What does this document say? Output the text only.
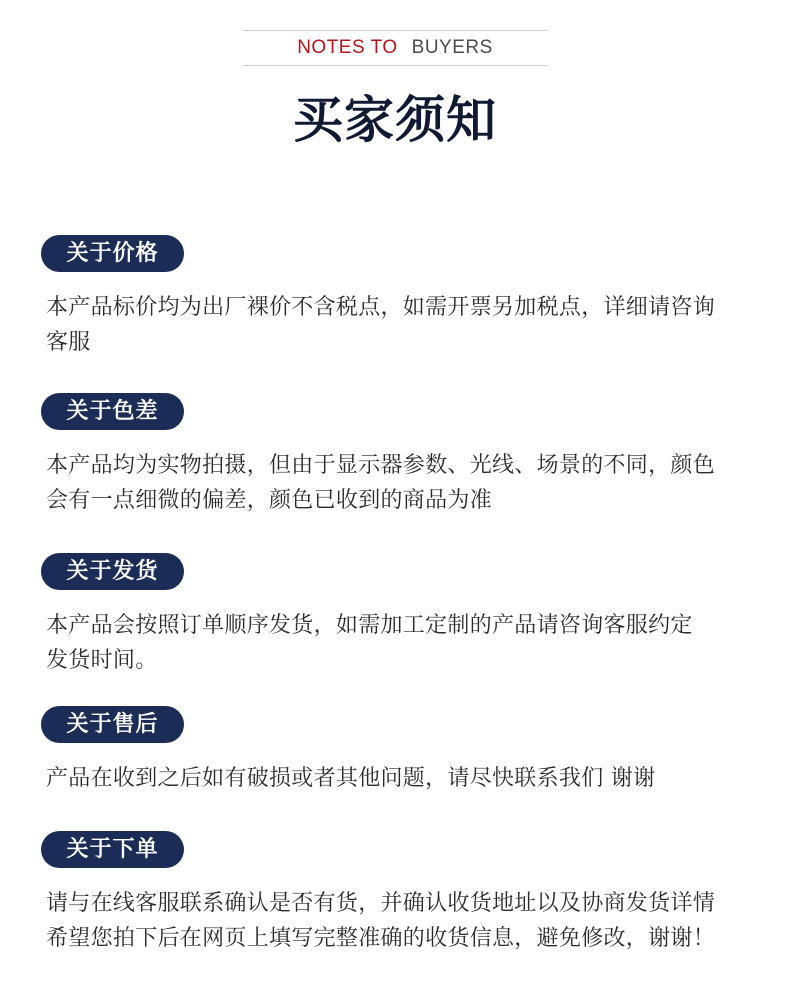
NOTES TO BUYERS
买家须知
关于价格
本产品标价均为出厂裸价不含税点，如需开票另加税点，详细请咨询
客服
关于色差
本产品均为实物拍摄，但由于显示器参数、光线、场景的不同，颜色
会有一点细微的偏差，颜色已收到的商品为准
关于发货
本产品会按照订单顺序发货，如需加工定制的产品请咨询客服约定
发货时间。
关于售后
产品在收到之后如有破损或者其他问题，请尽快联系我们 谢谢
关于下单
请与在线客服联系确认是否有货，并确认收货地址以及协商发货详情
希望您拍下后在网页上填写完整准确的收货信息，避免修改，谢谢！
